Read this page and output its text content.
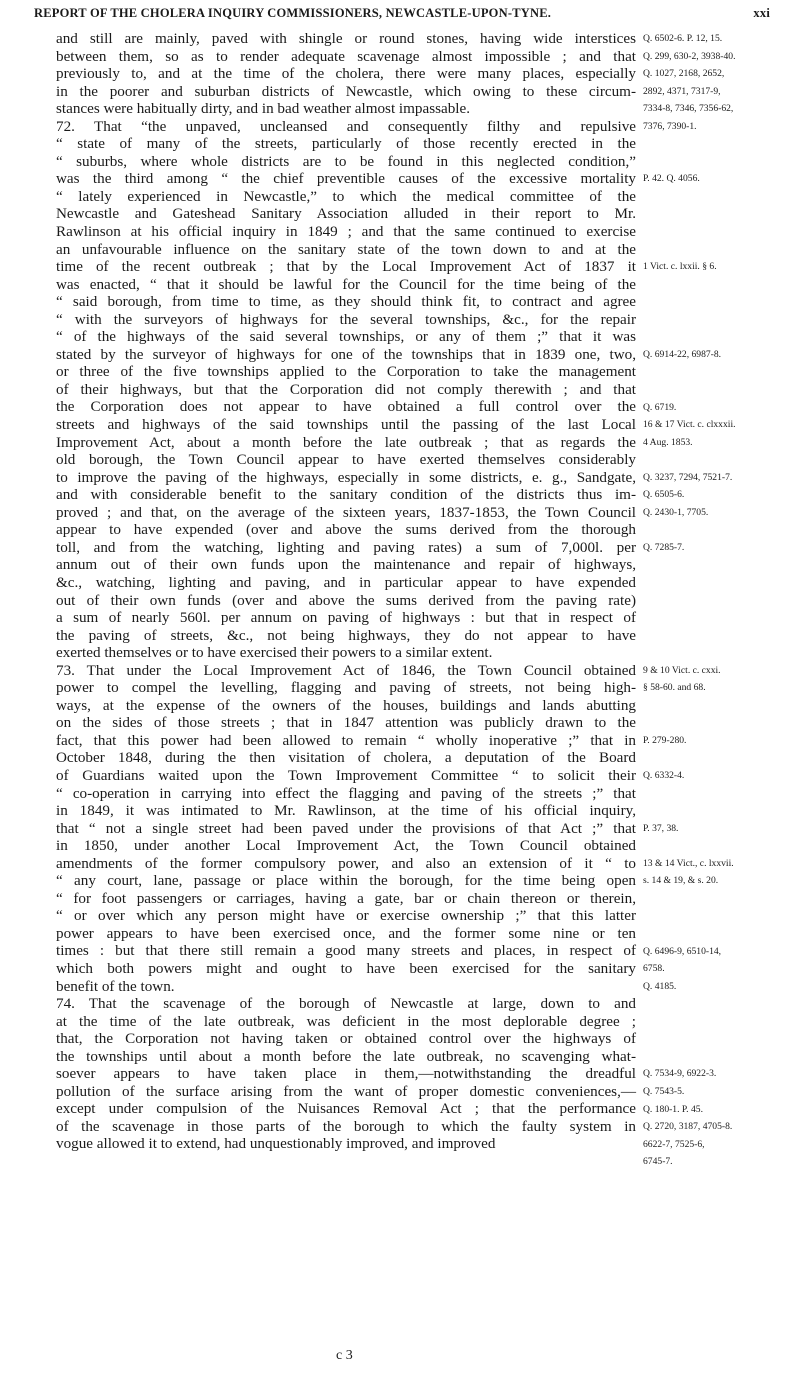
REPORT OF THE CHOLERA INQUIRY COMMISSIONERS, NEWCASTLE-UPON-TYNE.	xxi

and still are mainly, paved with shingle or round stones, having wide interstices

between them, so as to render adequate scavenage almost impossible ; and that

previously to, and at the time of the cholera, there were many places, especially

in the poorer and suburban districts of Newcastle, which owing to these circum-

stances were habitually dirty, and in bad weather almost impassable.

72. That “the unpaved, uncleansed and consequently filthy and repulsive

“ state of many of the streets, particularly of those recently erected in the

“ suburbs, where whole districts are to be found in this neglected condition,”

was the third among “ the chief preventible causes of the excessive mortality

“ lately experienced in Newcastle,” to which the medical committee of the

Newcastle and Gateshead Sanitary Association alluded in their report to Mr.

Rawlinson at his official inquiry in 1849 ; and that the same continued to exercise

an unfavourable influence on the sanitary state of the town down to and at the

time of the recent outbreak ; that by the Local Improvement Act of 1837 it

was enacted, “ that it should be lawful for the Council for the time being of the

“ said borough, from time to time, as they should think fit, to contract and agree

“ with the surveyors of highways for the several townships, &c., for the repair

“ of the highways of the said several townships, or any of them ;” that it was

stated by the surveyor of highways for one of the townships that in 1839 one, two,

or three of the five townships applied to the Corporation to take the management

of their highways, but that the Corporation did not comply therewith ; and that

the Corporation does not appear to have obtained a full control over the

streets and highways of the said townships until the passing of the last Local

Improvement Act, about a month before the late outbreak ; that as regards the

old borough, the Town Council appear to have exerted themselves considerably

to improve the paving of the highways, especially in some districts, e. g., Sandgate,

and with considerable benefit to the sanitary condition of the districts thus im-

proved ; and that, on the average of the sixteen years, 1837-1853, the Town Council

appear to have expended (over and above the sums derived from the thorough

toll, and from the watching, lighting and paving rates) a sum of 7,000l. per

annum out of their own funds upon the maintenance and repair of highways,

&c., watching, lighting and paving, and in particular appear to have expended

out of their own funds (over and above the sums derived from the paving rate)

a sum of nearly 560l. per annum on paving of highways : but that in respect of

the paving of streets, &c., not being highways, they do not appear to have

exerted themselves or to have exercised their powers to a similar extent.

73. That under the Local Improvement Act of 1846, the Town Council obtained

power to compel the levelling, flagging and paving of streets, not being high-

ways, at the expense of the owners of the houses, buildings and lands abutting

on the sides of those streets ; that in 1847 attention was publicly drawn to the

fact, that this power had been allowed to remain “ wholly inoperative ;” that in

October 1848, during the then visitation of cholera, a deputation of the Board

of Guardians waited upon the Town Improvement Committee “ to solicit their

“ co-operation in carrying into effect the flagging and paving of the streets ;” that

in 1849, it was intimated to Mr. Rawlinson, at the time of his official inquiry,

that “ not a single street had been paved under the provisions of that Act ;” that

in 1850, under another Local Improvement Act, the Town Council obtained

amendments of the former compulsory power, and also an extension of it “ to

“ any court, lane, passage or place within the borough, for the time being open

“ for foot passengers or carriages, having a gate, bar or chain thereon or therein,

“ or over which any person might have or exercise ownership ;” that this latter

power appears to have been exercised once, and the former some nine or ten

times : but that there still remain a good many streets and places, in respect of

which both powers might and ought to have been exercised for the sanitary

benefit of the town.

74. That the scavenage of the borough of Newcastle at large, down to and

at the time of the late outbreak, was deficient in the most deplorable degree ;

that, the Corporation not having taken or obtained control over the highways of

the townships until about a month before the late outbreak, no scavenging what-

soever appears to have taken place in them,—notwithstanding the dreadful

pollution of the surface arising from the want of proper domestic conveniences,—

except under compulsion of the Nuisances Removal Act ; that the performance

of the scavenage in those parts of the borough to which the faulty system in

vogue allowed it to extend, had unquestionably improved, and improved

Q. 6502-6. P. 12, 15.
Q. 299, 630-2, 3938-40.
Q. 1027, 2168, 2652,
2892, 4371, 7317-9,
7334-8, 7346, 7356-62,
7376, 7390-1.
P. 42. Q. 4056.
1 Vict. c. lxxii. § 6.
Q. 6914-22, 6987-8.
Q. 6719.
16 & 17 Vict. c. clxxxii.
4 Aug. 1853.
Q. 3237, 7294, 7521-7.
Q. 6505-6.
Q. 2430-1, 7705.
Q. 7285-7.
9 & 10 Vict. c. cxxi.
§ 58-60. and 68.
P. 279-280.
Q. 6332-4.
P. 37, 38.
13 & 14 Vict., c. lxxvii.
s. 14 & 19, & s. 20.
Q. 6496-9, 6510-14,
6758.
Q. 4185.
Q. 7534-9, 6922-3.
Q. 7543-5.
Q. 180-1. P. 45.
Q. 2720, 3187, 4705-8.
6622-7, 7525-6,
6745-7.
c 3
